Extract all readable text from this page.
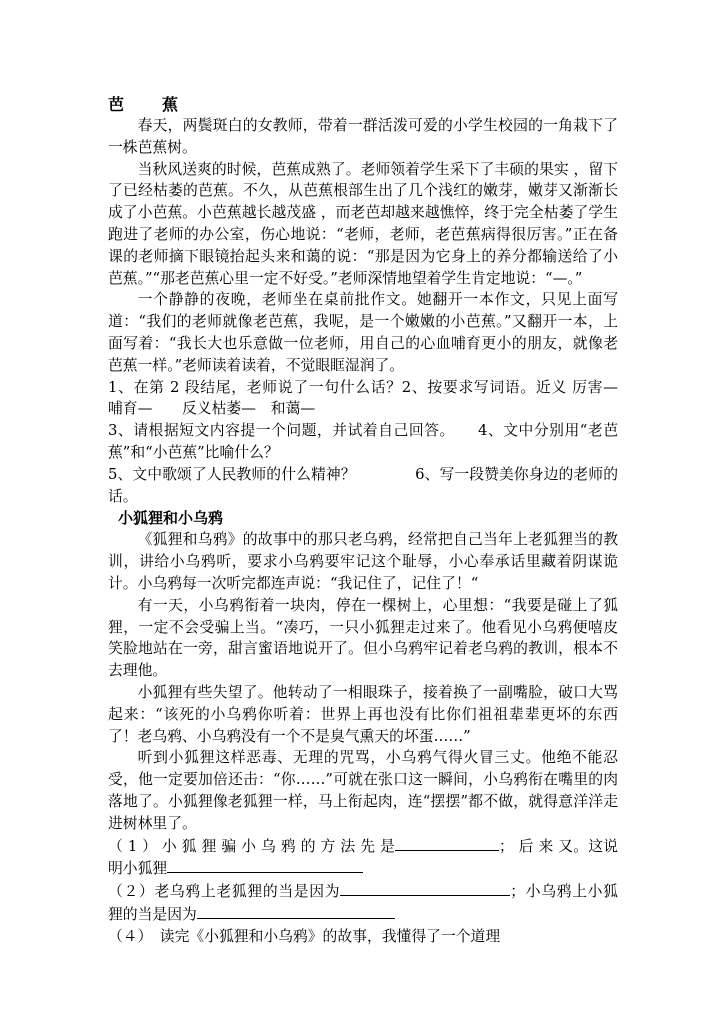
芭 蕉

春天，两鬓斑白的女教师，带着一群活泼可爱的小学生校园的一角栽下了一株芭蕉树。

当秋风送爽的时候，芭蕉成熟了。老师领着学生采下了丰硕的果实 ，留下了已经枯萎的芭蕉。不久，从芭蕉根部生出了几个浅红的嫩芽，嫩芽又渐渐长成了小芭蕉。小芭蕉越长越茂盛 ，而老芭却越来越憔悴，终于完全枯萎了学生跑进了老师的办公室，伤心地说：“老师，老师，老芭蕉病得很厉害。”正在备课的老师摘下眼镜抬起头来和蔼的说：“那是因为它身上的养分都输送给了小芭蕉。”“那老芭蕉心里一定不好受。”老师深情地望着学生肯定地说：“—。”

一个静静的夜晚，老师坐在桌前批作文。她翻开一本作文，只见上面写道：“我们的老师就像老芭蕉，我呢，是一个嫩嫩的小芭蕉。”又翻开一本，上面写着：“我长大也乐意做一位老师，用自己的心血哺育更小的朋友，就像老芭蕉一样。”老师读着读着，不觉眼眶湿润了。

1、在第 2 段结尾，老师说了一句什么话？2、按要求写词语。近义 厉害—　　哺育—　　反义枯萎—　和蔼—

3、请根据短文内容提一个问题，并试着自己回答。　　4、文中分别用“老芭蕉”和“小芭蕉”比喻什么？

5、文中歌颂了人民教师的什么精神？　　　　6、写一段赞美你身边的老师的话。

小狐狸和小乌鸦

《狐狸和乌鸦》的故事中的那只老乌鸦，经常把自己当年上老狐狸当的教训，讲给小乌鸦听，要求小乌鸦要牢记这个耻辱，小心奉承话里藏着阴谋诡计。小乌鸦每一次听完都连声说：“我记住了，记住了！“

有一天，小乌鸦衔着一块肉，停在一棵树上，心里想：“我要是碰上了狐狸，一定不会受骗上当。“凑巧，一只小狐狸走过来了。他看见小乌鸦便嘻皮笑脸地站在一旁，甜言蜜语地说开了。但小乌鸦牢记着老乌鸦的教训，根本不去理他。

小狐狸有些失望了。他转动了一相眼珠子，接着换了一副嘴脸，破口大骂起来：“该死的小乌鸦你听着：世界上再也没有比你们祖祖辈辈更坏的东西了！老乌鸦、小乌鸦没有一个不是臭气熏天的坏蛋……”

听到小狐狸这样恶毒、无理的咒骂，小乌鸦气得火冒三丈。他绝不能忍受，他一定要加倍还击：“你……”可就在张口这一瞬间，小乌鸦衔在嘴里的肉落地了。小狐狸像老狐狸一样，马上衔起肉，连“摆摆”都不做，就得意洋洋走进树林里了。

（ 1 ） 小 狐 狸 骗 小 乌 鸦 的 方 法 先 是	； 后 来 又。这说明小狐狸

（２）老乌鸦上老狐狸的当是因为	；小乌鸦上小狐狸的当是因为

（４）　读完《小狐狸和小乌鸦》的故事，我懂得了一个道理
